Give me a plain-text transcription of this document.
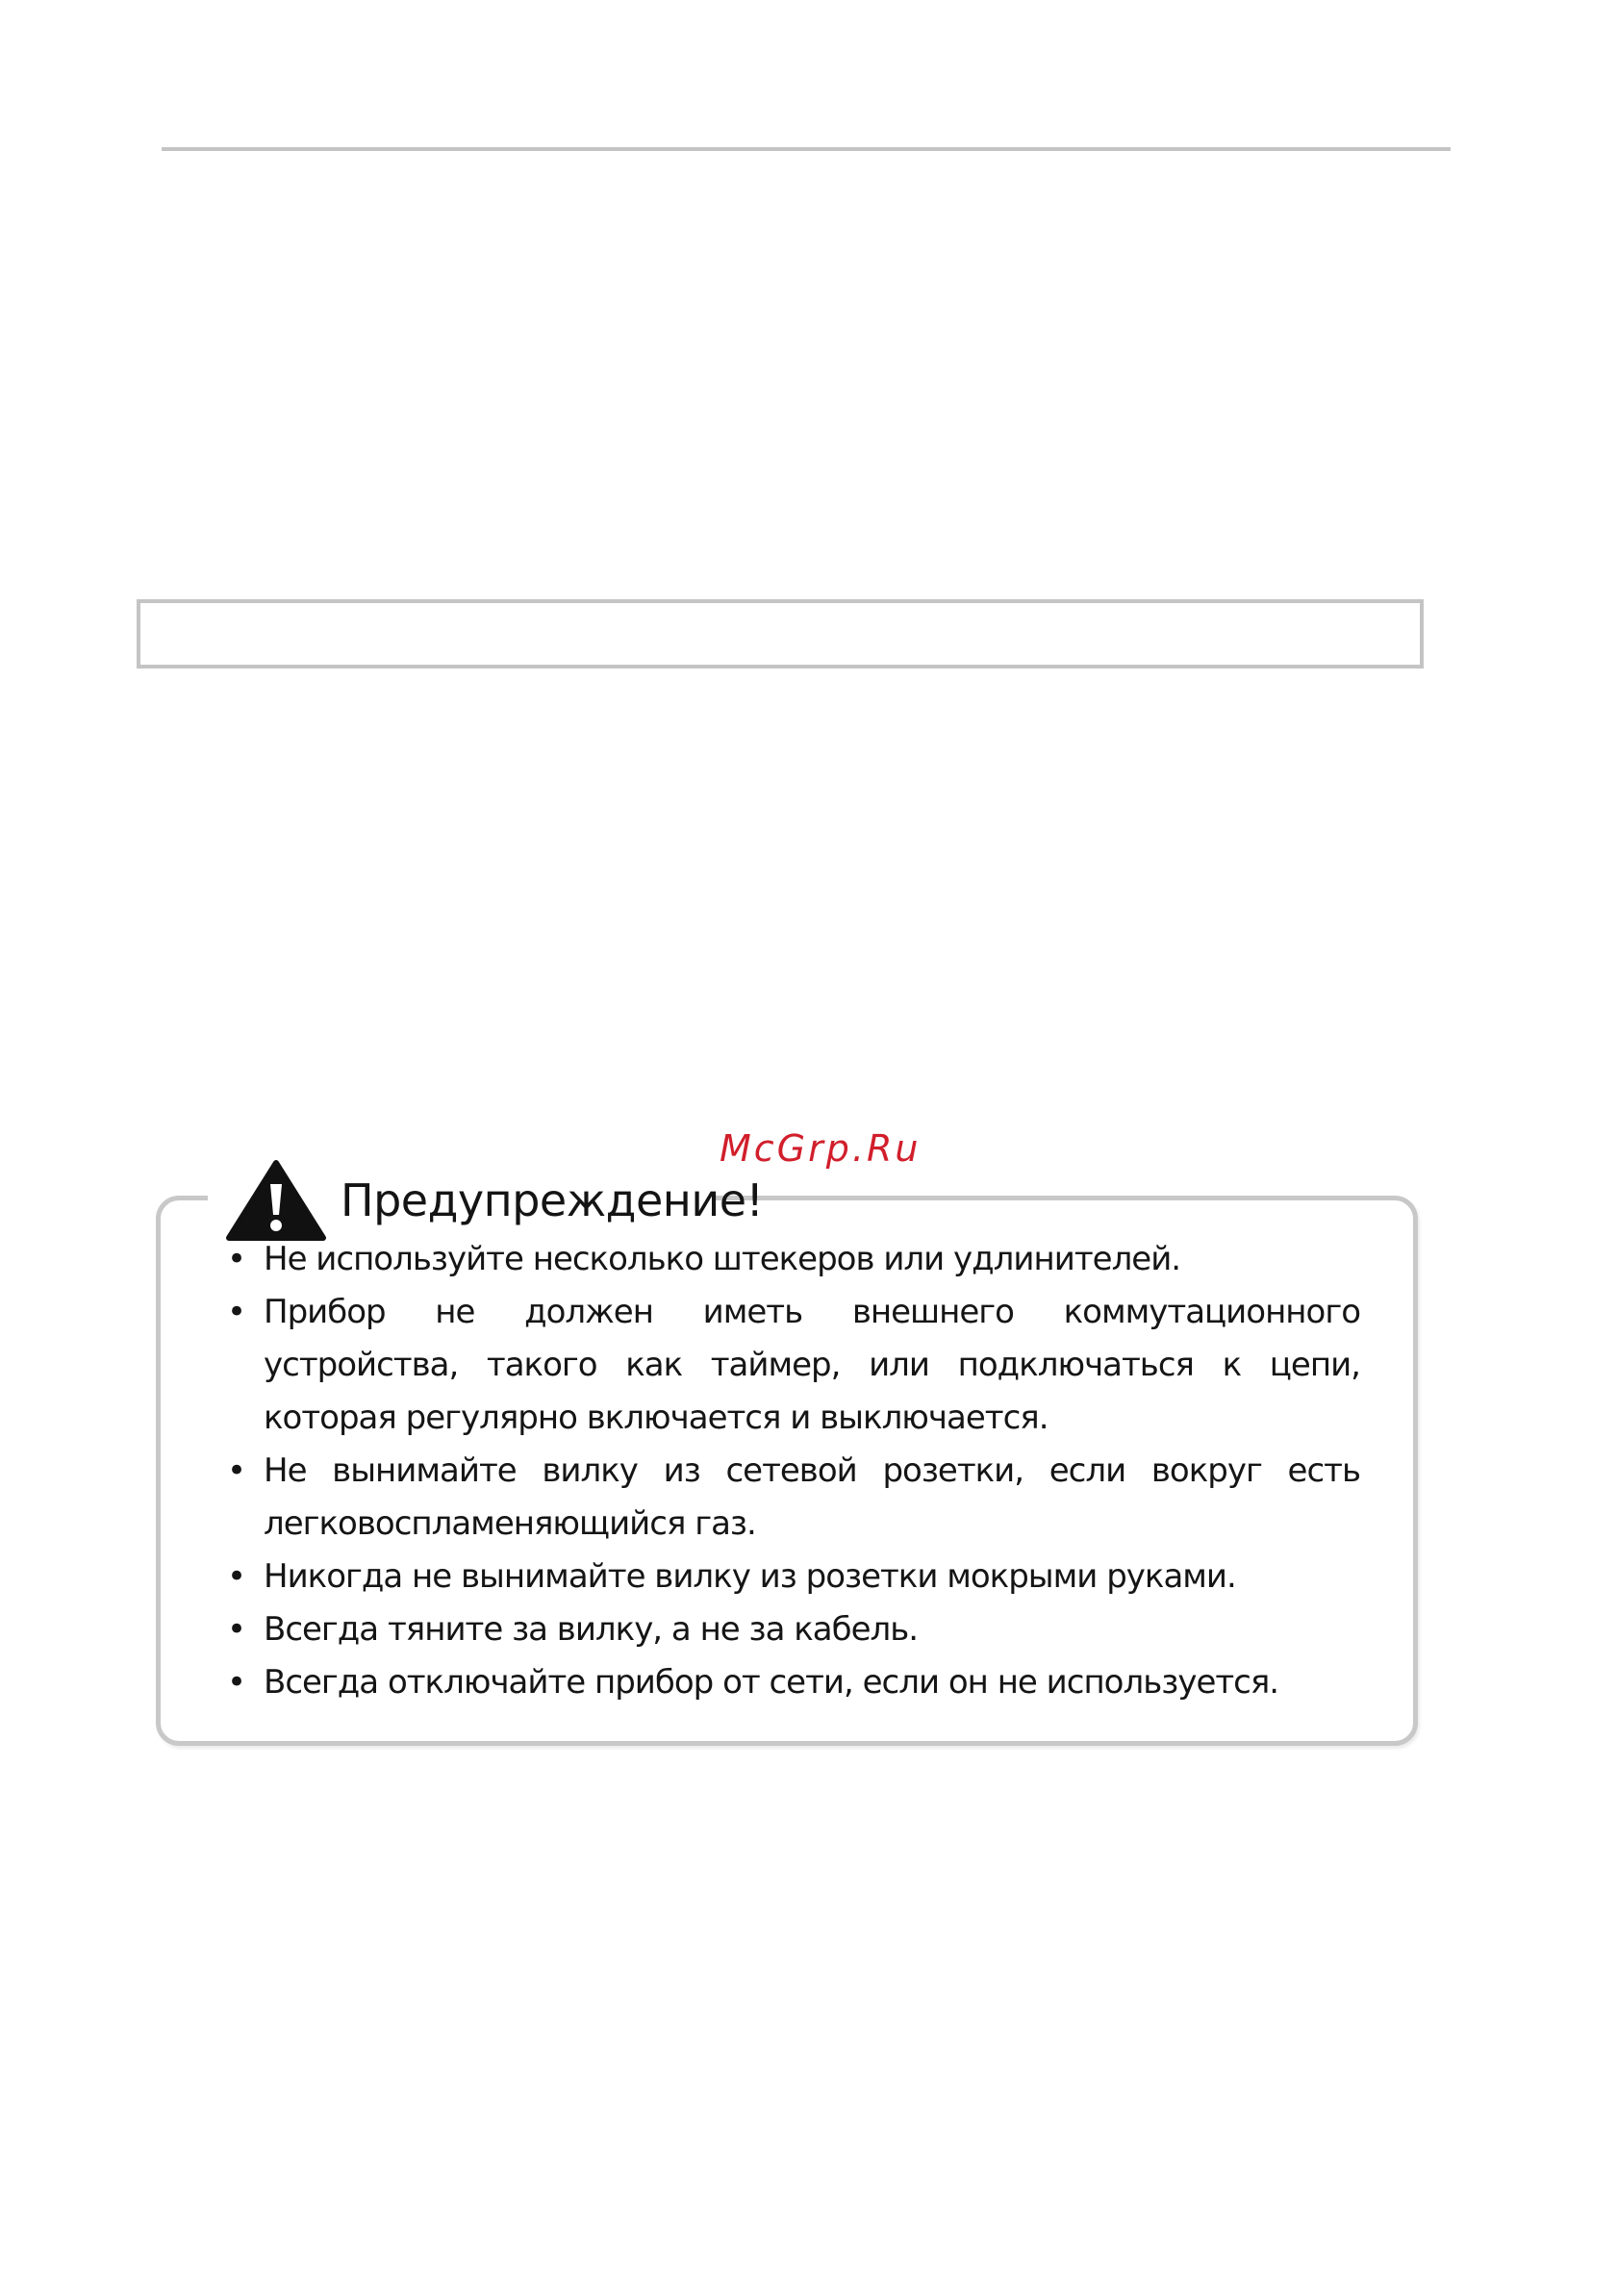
Предупреждение!
McGrp.Ru
• Не используйте несколько штекеров или удлинителей.
• Прибор не должен иметь внешнего коммутационного устройства, такого как таймер, или подключаться к цепи, которая регулярно включается и выключается.
• Не вынимайте вилку из сетевой розетки, если вокруг есть легковоспламеняющийся газ.
• Никогда не вынимайте вилку из розетки мокрыми руками.
• Всегда тяните за вилку, а не за кабель.
• Всегда отключайте прибор от сети, если он не используется.
